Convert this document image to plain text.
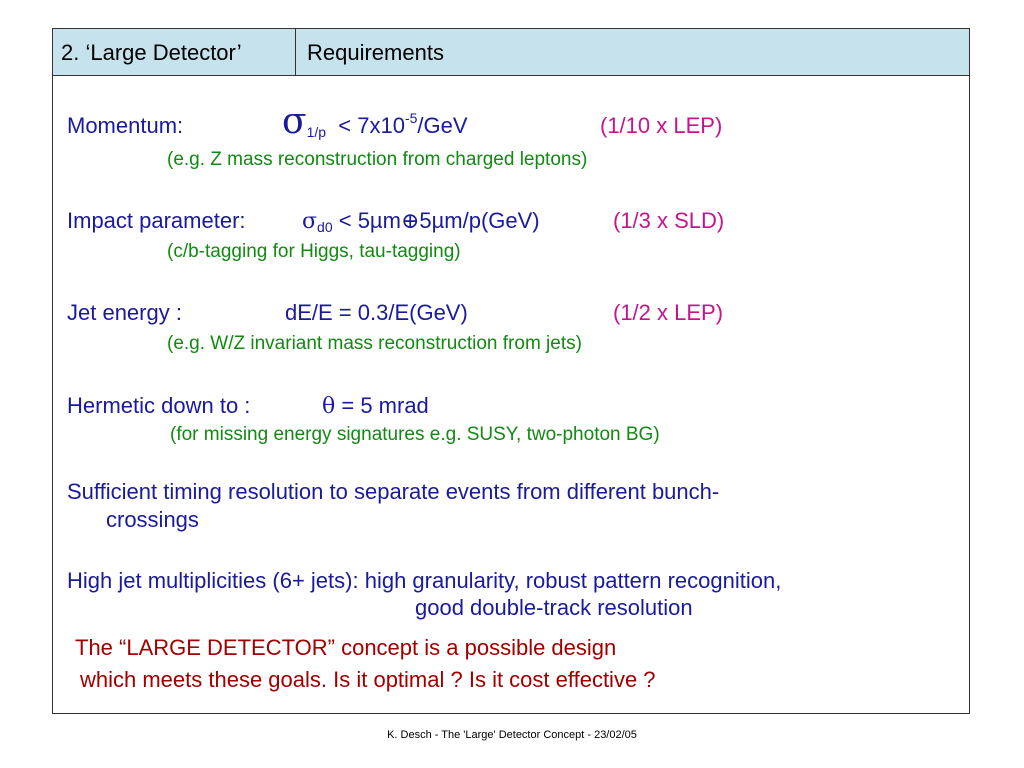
2. ‘Large Detector’	Requirements
Momentum:	$\sigma_{1/p} < 7x10^{-5}/GeV$	(1/10 x LEP)
(e.g. Z mass reconstruction from charged leptons)
Impact parameter:	$\sigma_{d0}$ < 5µm⊕5µm/p(GeV)	(1/3 x SLD)
(c/b-tagging for Higgs, tau-tagging)
Jet energy :	dE/E = 0.3/E(GeV)	(1/2 x LEP)
(e.g. W/Z invariant mass reconstruction from jets)
Hermetic down to :	θ = 5 mrad
(for missing energy signatures e.g. SUSY, two-photon BG)
Sufficient timing resolution to separate events from different bunch-
crossings
High jet multiplicities (6+ jets): high granularity, robust pattern recognition,
good double-track resolution
The “LARGE DETECTOR” concept is a possible design
which meets these goals. Is it optimal ? Is it cost effective ?
K. Desch - The 'Large' Detector Concept - 23/02/05
